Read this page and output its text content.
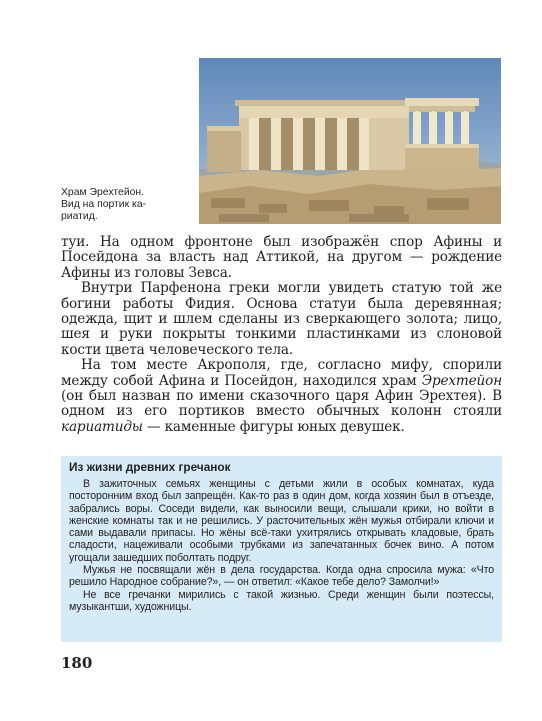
Храм Эрехтейон.
Вид на портик ка-
риатид.

туи. На одном фронтоне был изображён спор Афины и Посейдона за власть над Аттикой, на другом — рождение Афины из головы Зевса.

Внутри Парфенона греки могли увидеть статую той же богини работы Фидия. Основа статуи была деревянная; одежда, щит и шлем сделаны из сверкающего золота; лицо, шея и руки покрыты тонкими пластинками из слоновой кости цвета человеческого тела.

На том месте Акрополя, где, согласно мифу, спорили между собой Афина и Посейдон, находился храм Эрехтейон (он был назван по имени сказочного царя Афин Эрехтея). В одном из его портиков вместо обычных колонн стояли кариатиды — каменные фигуры юных девушек.

Из жизни древних гречанок

В зажиточных семьях женщины с детьми жили в особых комнатах, куда посторонним вход был запрещён. Как-то раз в один дом, когда хозяин был в отъезде, забрались воры. Соседи видели, как выносили вещи, слышали крики, но войти в женские комнаты так и не решились. У расточительных жён мужья отбирали ключи и сами выдавали припасы. Но жёны всё-таки ухитрялись открывать кладовые, брать сладости, нацеживали особыми трубками из запечатанных бочек вино. А потом угощали зашедших поболтать подруг.

Мужья не посвящали жён в дела государства. Когда одна спросила мужа: «Что решило Народное собрание?», — он ответил: «Какое тебе дело? Замолчи!»

Не все гречанки мирились с такой жизнью. Среди женщин были поэтессы, музыкантши, художницы.

180
